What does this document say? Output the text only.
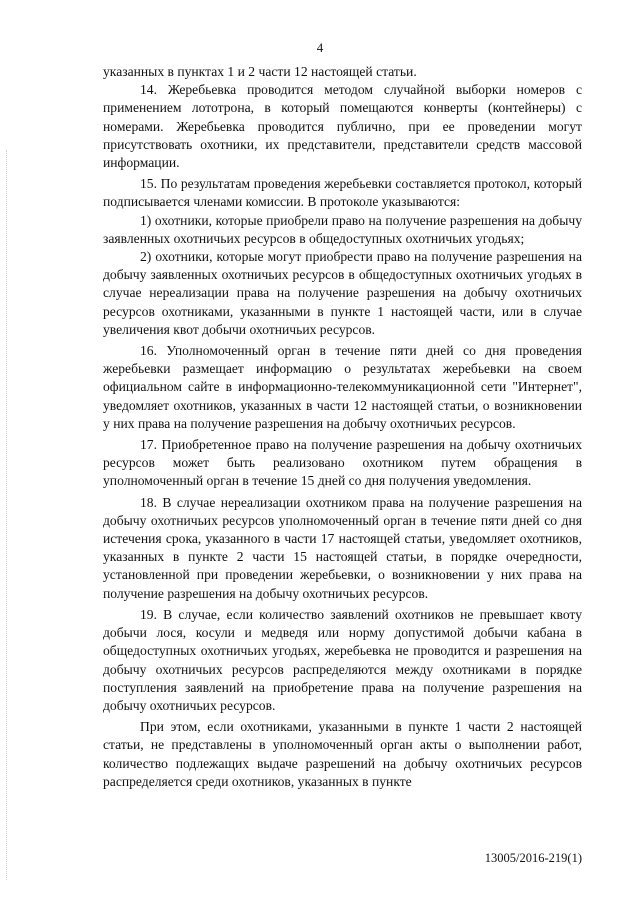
4

указанных в пунктах 1 и 2 части 12 настоящей статьи.

14. Жеребьевка проводится методом случайной выборки номеров с применением лототрона, в который помещаются конверты (контейнеры) с номерами. Жеребьевка проводится публично, при ее проведении могут присутствовать охотники, их представители, представители средств массовой информации.

15. По результатам проведения жеребьевки составляется протокол, который подписывается членами комиссии. В протоколе указываются:

1) охотники, которые приобрели право на получение разрешения на добычу заявленных охотничьих ресурсов в общедоступных охотничьих угодьях;

2) охотники, которые могут приобрести право на получение разрешения на добычу заявленных охотничьих ресурсов в общедоступных охотничьих угодьях в случае нереализации права на получение разрешения на добычу охотничьих ресурсов охотниками, указанными в пункте 1 настоящей части, или в случае увеличения квот добычи охотничьих ресурсов.

16. Уполномоченный орган в течение пяти дней со дня проведения жеребьевки размещает информацию о результатах жеребьевки на своем официальном сайте в информационно-телекоммуникационной сети "Интернет", уведомляет охотников, указанных в части 12 настоящей статьи, о возникновении у них права на получение разрешения на добычу охотничьих ресурсов.

17. Приобретенное право на получение разрешения на добычу охотничьих ресурсов может быть реализовано охотником путем обращения в уполномоченный орган в течение 15 дней со дня получения уведомления.

18. В случае нереализации охотником права на получение разрешения на добычу охотничьих ресурсов уполномоченный орган в течение пяти дней со дня истечения срока, указанного в части 17 настоящей статьи, уведомляет охотников, указанных в пункте 2 части 15 настоящей статьи, в порядке очередности, установленной при проведении жеребьевки, о возникновении у них права на получение разрешения на добычу охотничьих ресурсов.

19. В случае, если количество заявлений охотников не превышает квоту добычи лося, косули и медведя или норму допустимой добычи кабана в общедоступных охотничьих угодьях, жеребьевка не проводится и разрешения на добычу охотничьих ресурсов распределяются между охотниками в порядке поступления заявлений на приобретение права на получение разрешения на добычу охотничьих ресурсов.

При этом, если охотниками, указанными в пункте 1 части 2 настоящей статьи, не представлены в уполномоченный орган акты о выполнении работ, количество подлежащих выдаче разрешений на добычу охотничьих ресурсов распределяется среди охотников, указанных в пункте

13005/2016-219(1)
